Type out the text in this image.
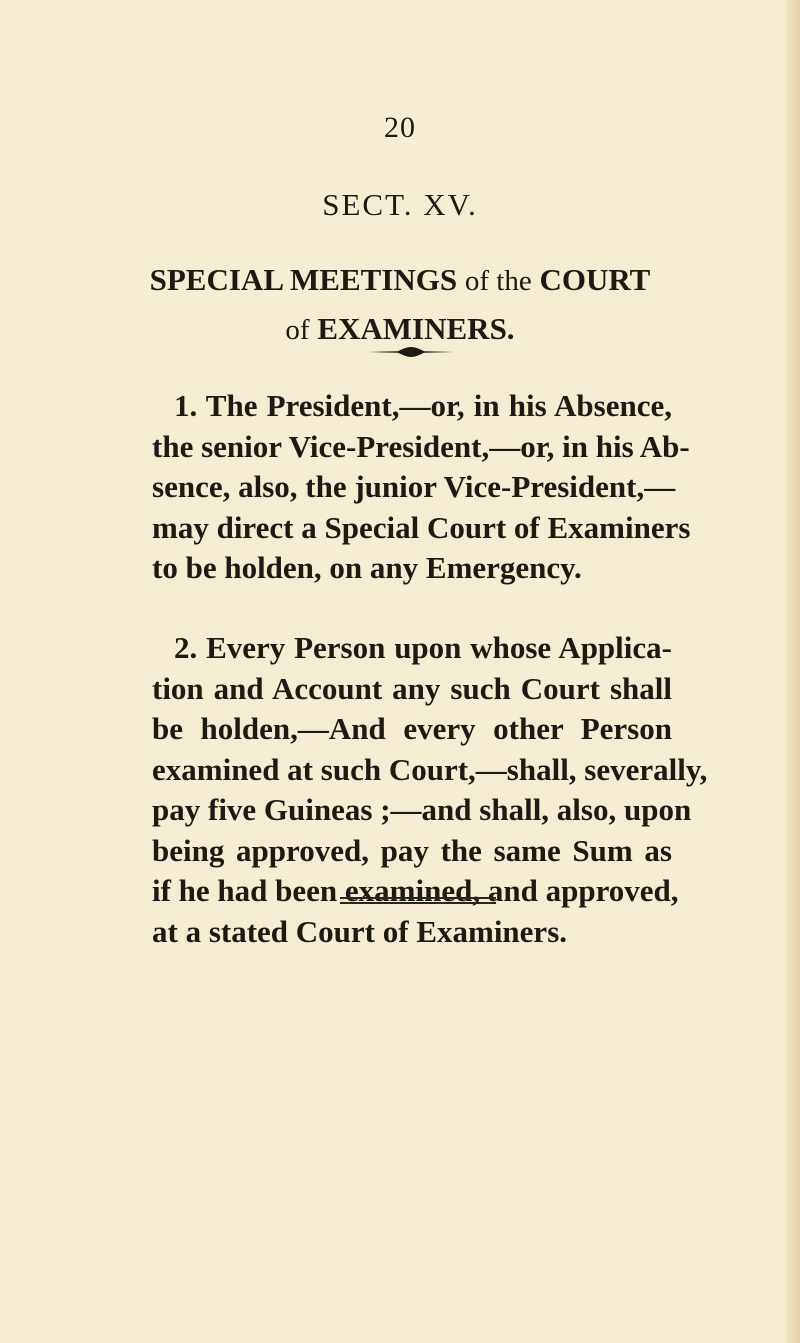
20
SECT. XV.
SPECIAL MEETINGS of the COURT
of EXAMINERS.
1. The President,—or, in his Absence,
the senior Vice-President,—or, in his Ab-
sence, also, the junior Vice-President,—
may direct a Special Court of Examiners
to be holden, on any Emergency.
2. Every Person upon whose Applica-
tion and Account any such Court shall
be holden,—And every other Person
examined at such Court,—shall, severally,
pay five Guineas ;—and shall, also, upon
being approved, pay the same Sum as
if he had been examined, and approved,
at a stated Court of Examiners.
